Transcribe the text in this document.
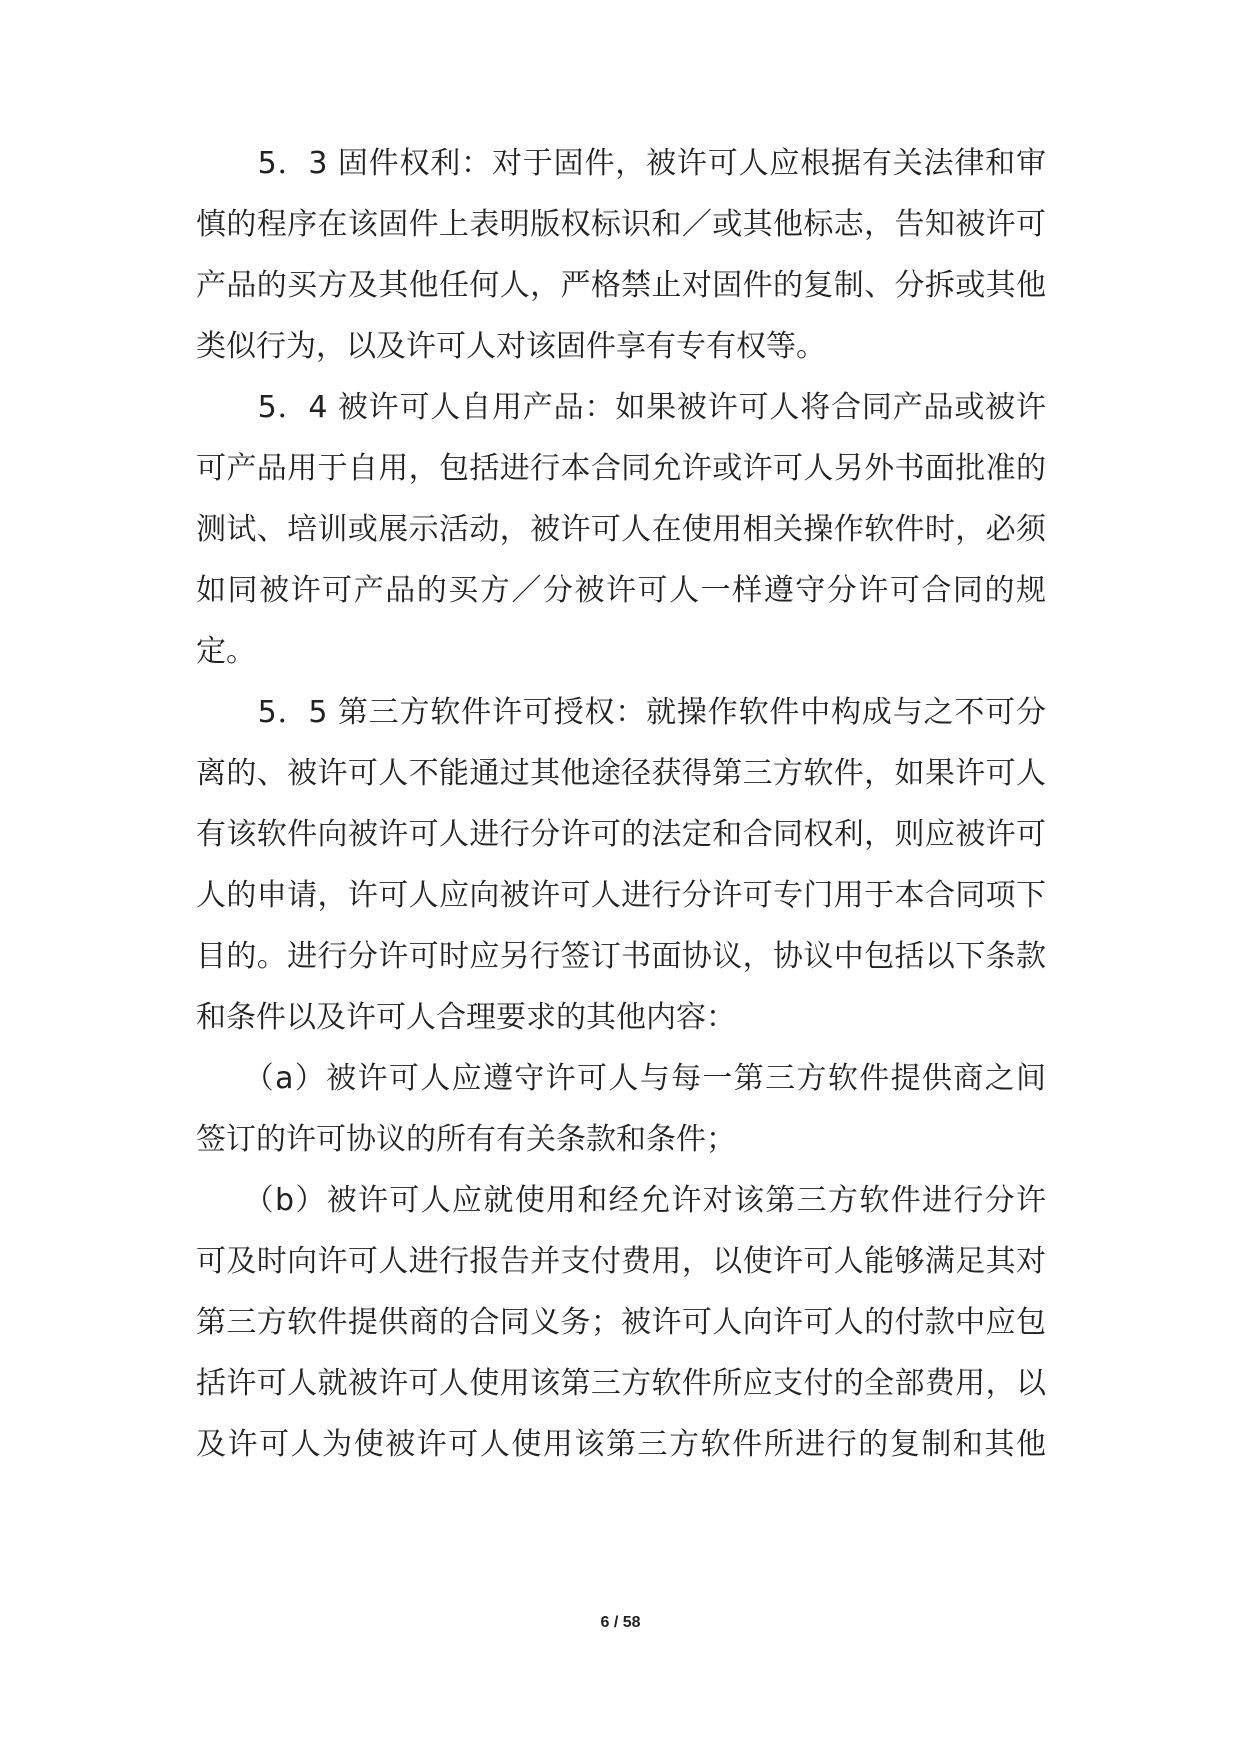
　　5．3 固件权利：对于固件，被许可人应根据有关法律和审
慎的程序在该固件上表明版权标识和／或其他标志，告知被许可
产品的买方及其他任何人，严格禁止对固件的复制、分拆或其他
类似行为，以及许可人对该固件享有专有权等。
　　5．4 被许可人自用产品：如果被许可人将合同产品或被许
可产品用于自用，包括进行本合同允许或许可人另外书面批准的
测试、培训或展示活动，被许可人在使用相关操作软件时，必须
如同被许可产品的买方／分被许可人一样遵守分许可合同的规
定。
　　5．5 第三方软件许可授权：就操作软件中构成与之不可分
离的、被许可人不能通过其他途径获得第三方软件，如果许可人
有该软件向被许可人进行分许可的法定和合同权利，则应被许可
人的申请，许可人应向被许可人进行分许可专门用于本合同项下
目的。进行分许可时应另行签订书面协议，协议中包括以下条款
和条件以及许可人合理要求的其他内容：
　　（a）被许可人应遵守许可人与每一第三方软件提供商之间
签订的许可协议的所有有关条款和条件；
　　（b）被许可人应就使用和经允许对该第三方软件进行分许
可及时向许可人进行报告并支付费用，以使许可人能够满足其对
第三方软件提供商的合同义务；被许可人向许可人的付款中应包
括许可人就被许可人使用该第三方软件所应支付的全部费用，以
及许可人为使被许可人使用该第三方软件所进行的复制和其他
6 / 58
